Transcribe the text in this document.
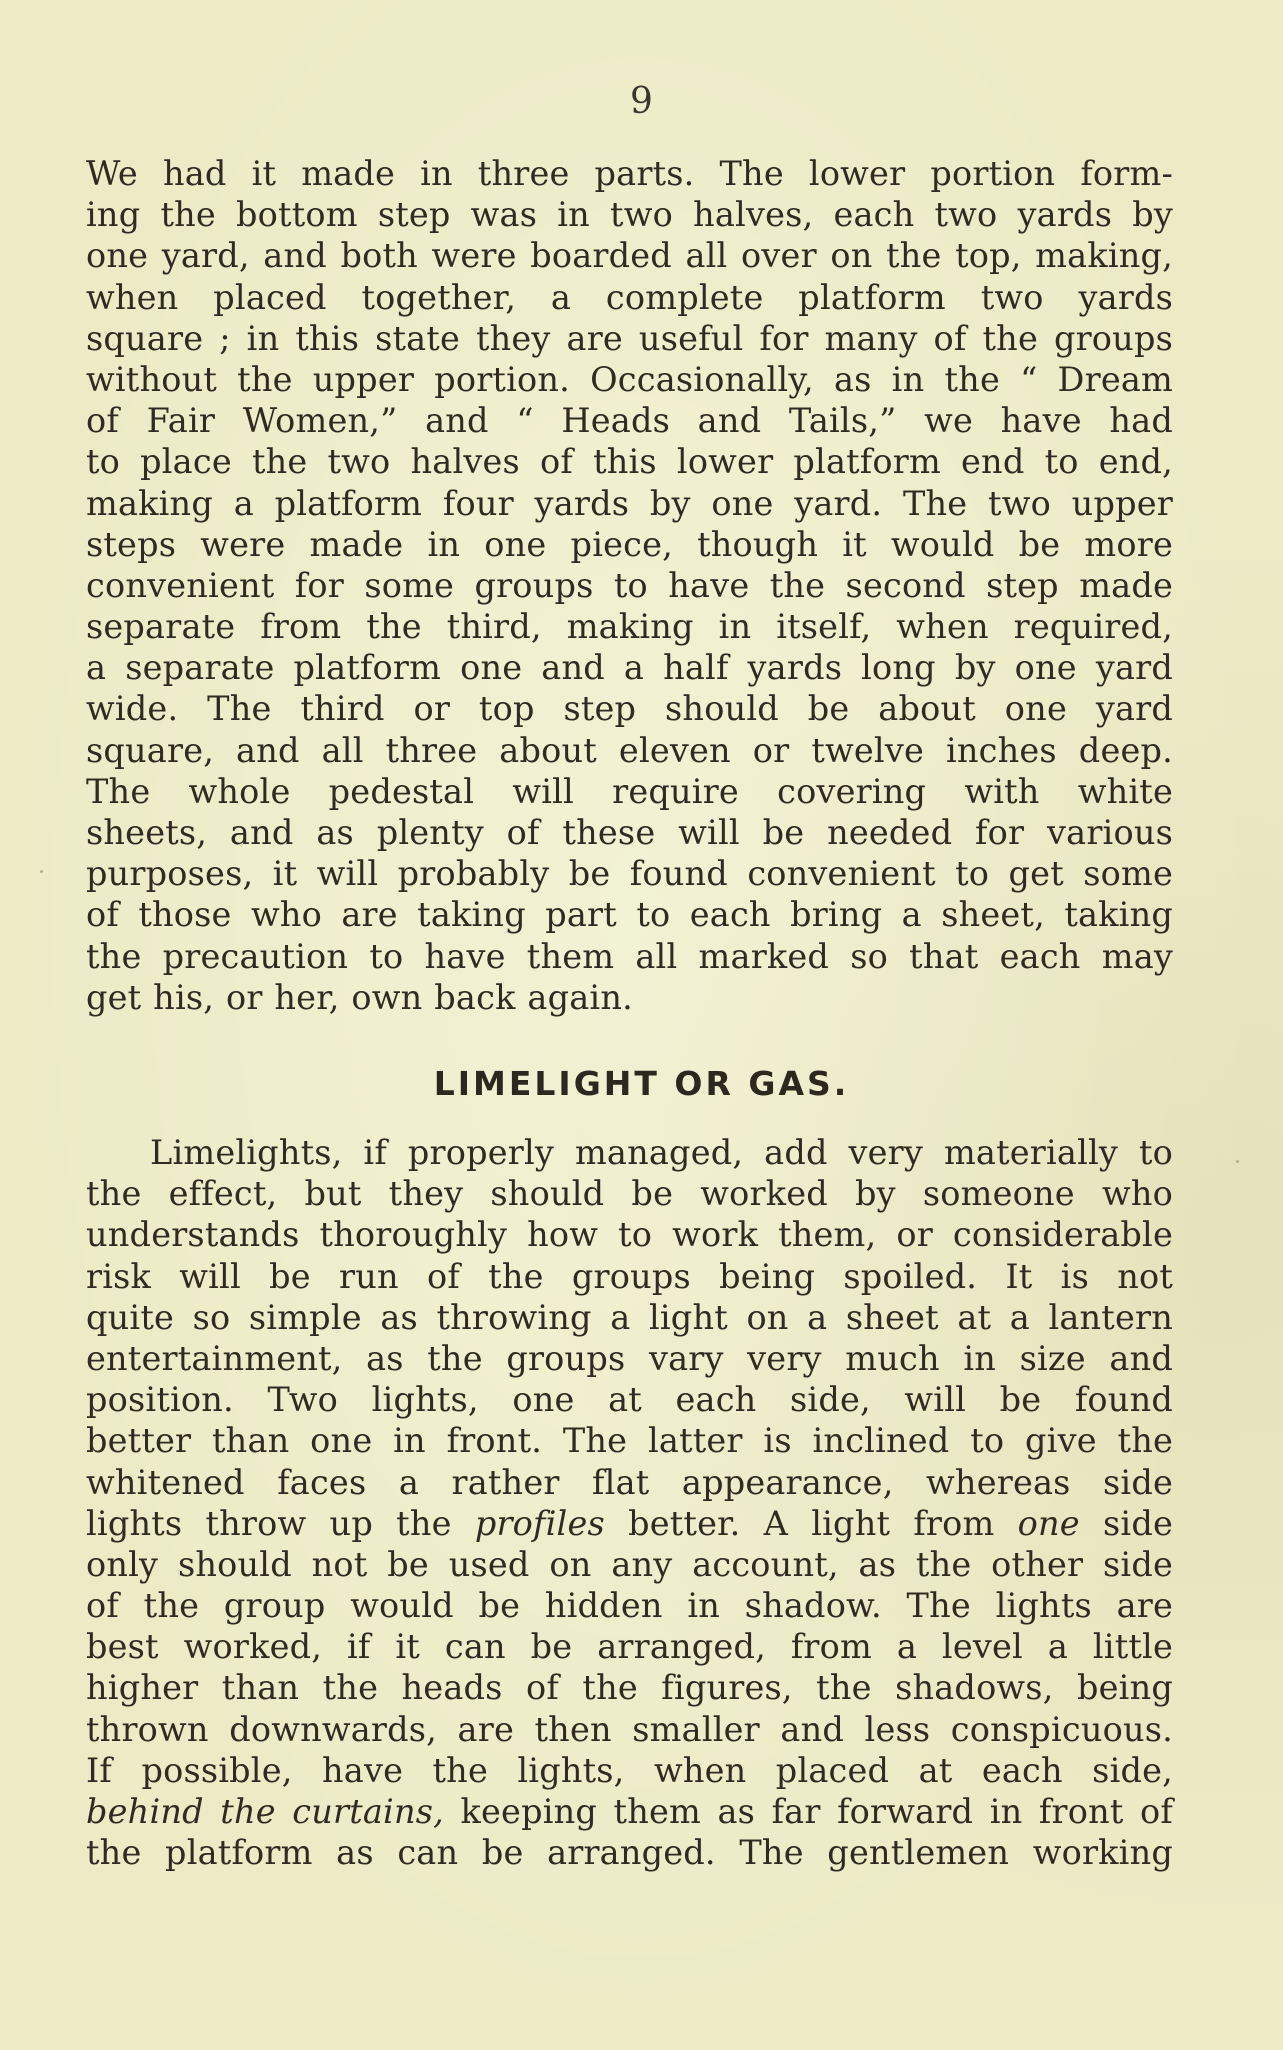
9
We had it made in three parts. The lower portion form-
ing the bottom step was in two halves, each two yards by
one yard, and both were boarded all over on the top, making,
when placed together, a complete platform two yards
square ; in this state they are useful for many of the groups
without the upper portion. Occasionally, as in the “ Dream
of Fair Women,” and “ Heads and Tails,” we have had
to place the two halves of this lower platform end to end,
making a platform four yards by one yard. The two upper
steps were made in one piece, though it would be more
convenient for some groups to have the second step made
separate from the third, making in itself, when required,
a separate platform one and a half yards long by one yard
wide. The third or top step should be about one yard
square, and all three about eleven or twelve inches deep.
The whole pedestal will require covering with white
sheets, and as plenty of these will be needed for various
purposes, it will probably be found convenient to get some
of those who are taking part to each bring a sheet, taking
the precaution to have them all marked so that each may
get his, or her, own back again.
LIMELIGHT OR GAS.
Limelights, if properly managed, add very materially to
the effect, but they should be worked by someone who
understands thoroughly how to work them, or considerable
risk will be run of the groups being spoiled. It is not
quite so simple as throwing a light on a sheet at a lantern
entertainment, as the groups vary very much in size and
position. Two lights, one at each side, will be found
better than one in front. The latter is inclined to give the
whitened faces a rather flat appearance, whereas side
lights throw up the profiles better. A light from one side
only should not be used on any account, as the other side
of the group would be hidden in shadow. The lights are
best worked, if it can be arranged, from a level a little
higher than the heads of the figures, the shadows, being
thrown downwards, are then smaller and less conspicuous.
If possible, have the lights, when placed at each side,
behind the curtains, keeping them as far forward in front of
the platform as can be arranged. The gentlemen working
